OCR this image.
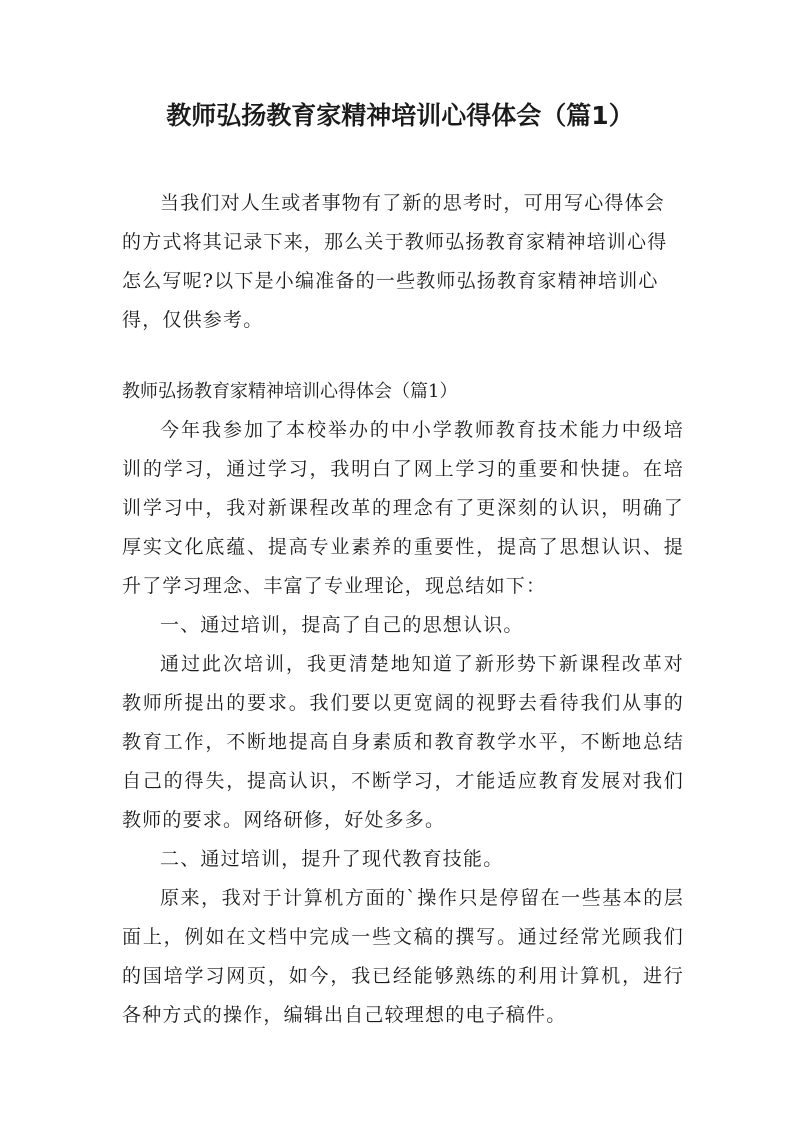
教师弘扬教育家精神培训心得体会（篇1）

当我们对人生或者事物有了新的思考时，可用写心得体会的方式将其记录下来，那么关于教师弘扬教育家精神培训心得怎么写呢?以下是小编准备的一些教师弘扬教育家精神培训心得，仅供参考。

教师弘扬教育家精神培训心得体会（篇1）

今年我参加了本校举办的中小学教师教育技术能力中级培训的学习，通过学习，我明白了网上学习的重要和快捷。在培训学习中，我对新课程改革的理念有了更深刻的认识，明确了厚实文化底蕴、提高专业素养的重要性，提高了思想认识、提升了学习理念、丰富了专业理论，现总结如下：

一、通过培训，提高了自己的思想认识。

通过此次培训，我更清楚地知道了新形势下新课程改革对教师所提出的要求。我们要以更宽阔的视野去看待我们从事的教育工作，不断地提高自身素质和教育教学水平，不断地总结自己的得失，提高认识，不断学习，才能适应教育发展对我们教师的要求。网络研修，好处多多。

二、通过培训，提升了现代教育技能。

原来，我对于计算机方面的`操作只是停留在一些基本的层面上，例如在文档中完成一些文稿的撰写。通过经常光顾我们的国培学习网页，如今，我已经能够熟练的利用计算机，进行各种方式的操作，编辑出自己较理想的电子稿件。
